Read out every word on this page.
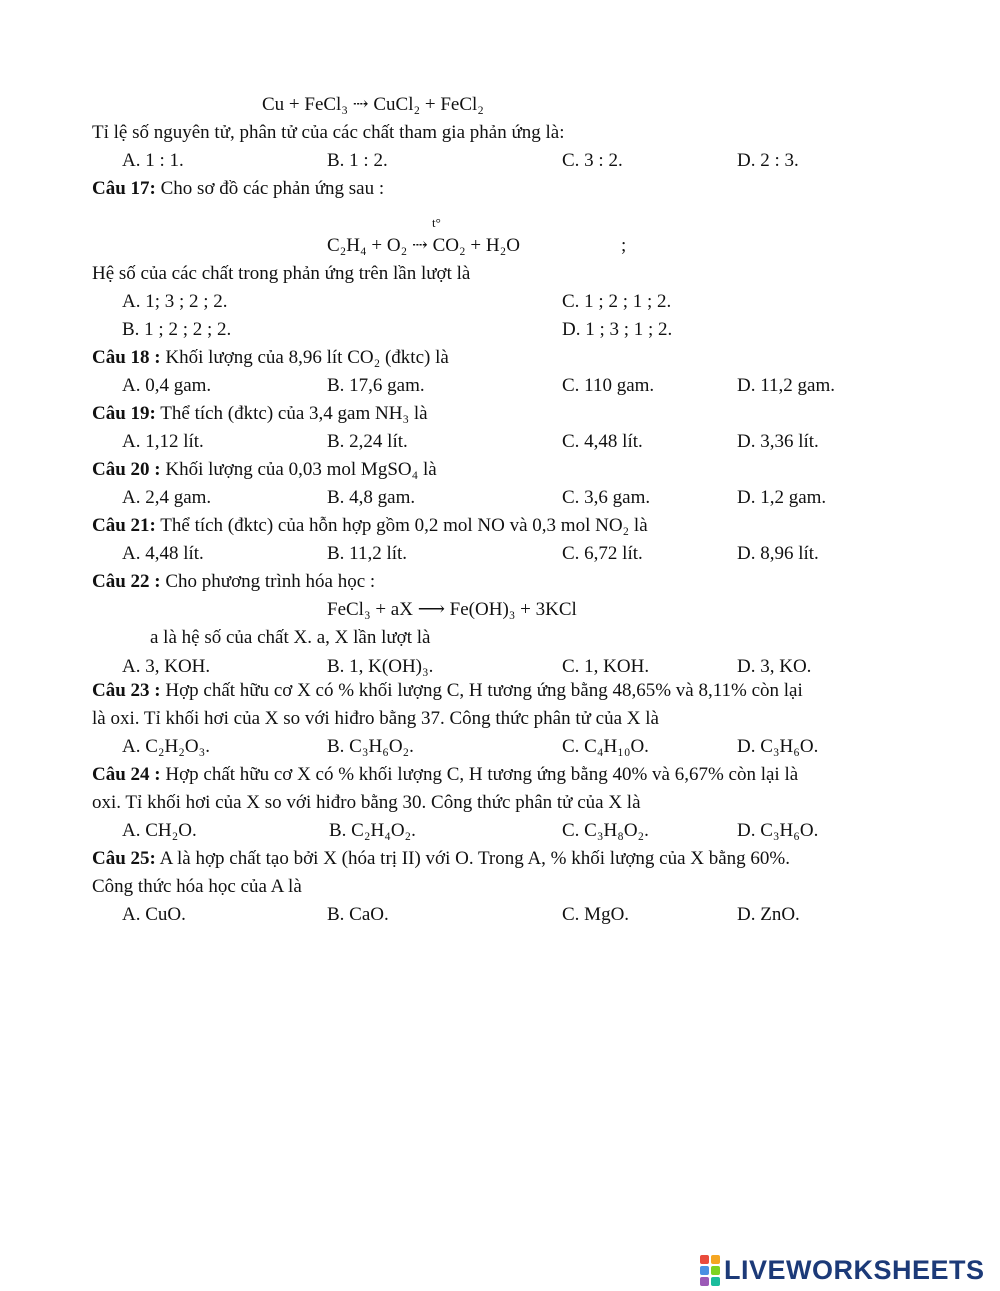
Cu + FeCl₃ ⇢ CuCl₂ + FeCl₂
Tỉ lệ số nguyên tử, phân tử của các chất tham gia phản ứng là:
A. 1 : 1.	B. 1 : 2.	C. 3 : 2.	D. 2 : 3.
Câu 17: Cho sơ đồ các phản ứng sau :
t°
C₂H₄ + O₂ ⇢ CO₂ + H₂O	;
Hệ số của các chất trong phản ứng trên lần lượt là
A. 1; 3 ; 2 ; 2.	C. 1 ; 2 ; 1 ; 2.
B. 1 ; 2 ; 2 ; 2.	D. 1 ; 3 ; 1 ; 2.
Câu 18 : Khối lượng của 8,96 lít CO₂ (đktc) là
A. 0,4 gam.	B. 17,6 gam.	C. 110 gam.	D. 11,2 gam.
Câu 19: Thể tích (đktc) của 3,4 gam NH₃ là
A. 1,12 lít.	B. 2,24 lít.	C. 4,48 lít.	D. 3,36 lít.
Câu 20 : Khối lượng của 0,03 mol MgSO₄ là
A. 2,4 gam.	B. 4,8 gam.	C. 3,6 gam.	D. 1,2 gam.
Câu 21: Thể tích (đktc) của hỗn hợp gồm 0,2 mol NO và 0,3 mol NO₂ là
A. 4,48 lít.	B. 11,2 lít.	C. 6,72 lít.	D. 8,96 lít.
Câu 22 : Cho phương trình hóa học :
FeCl₃ + aX ⟶ Fe(OH)₃ + 3KCl
a là hệ số của chất X. a, X lần lượt là
A. 3, KOH.	B. 1, K(OH)₃.	C. 1, KOH.	D. 3, KO.
Câu 23 : Hợp chất hữu cơ X có % khối lượng C, H tương ứng bằng 48,65% và 8,11% còn lại
là oxi. Tỉ khối hơi của X so với hiđro bằng 37. Công thức phân tử của X là
A. C₂H₂O₃.	B. C₃H₆O₂.	C. C₄H₁₀O.	D. C₃H₆O.
Câu 24 : Hợp chất hữu cơ X có % khối lượng C, H tương ứng bằng 40% và 6,67% còn lại là
oxi. Tỉ khối hơi của X so với hiđro bằng 30. Công thức phân tử của X là
A. CH₂O.	B. C₂H₄O₂.	C. C₃H₈O₂.	D. C₃H₆O.
Câu 25: A là hợp chất tạo bởi X (hóa trị II) với O. Trong A, % khối lượng của X bằng 60%.
Công thức hóa học của A là
A. CuO.	B. CaO.	C. MgO.	D. ZnO.
LIVEWORKSHEETS
